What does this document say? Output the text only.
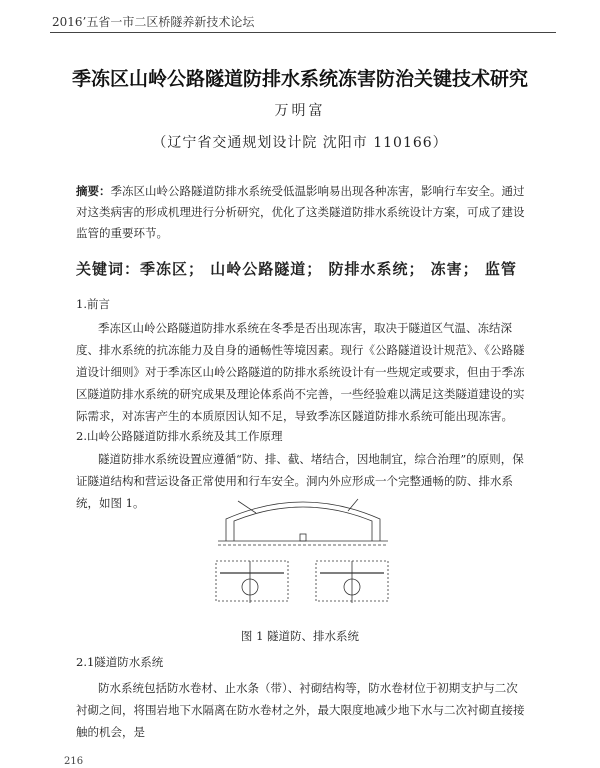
2016’五省一市二区桥隧养新技术论坛
季冻区山岭公路隧道防排水系统冻害防治关键技术研究
万明富
（辽宁省交通规划设计院 沈阳市 110166）
摘要：季冻区山岭公路隧道防排水系统受低温影响易出现各种冻害，影响行车安全。通过对这类病害的形成机理进行分析研究，优化了这类隧道防排水系统设计方案，可成了建设监管的重要环节。
关键词：季冻区； 山岭公路隧道； 防排水系统； 冻害； 监管
1.前言
季冻区山岭公路隧道防排水系统在冬季是否出现冻害，取决于隧道区气温、冻结深度、排水系统的抗冻能力及自身的通畅性等境因素。现行《公路隧道设计规范》、《公路隧道设计细则》对于季冻区山岭公路隧道的防排水系统设计有一些规定或要求，但由于季冻区隧道防排水系统的研究成果及理论体系尚不完善，一些经验难以满足这类隧道建设的实际需求，对冻害产生的本质原因认知不足，导致季冻区隧道防排水系统可能出现冻害。
2.山岭公路隧道防排水系统及其工作原理
隧道防排水系统设置应遵循“防、排、截、堵结合，因地制宜，综合治理”的原则，保证隧道结构和营运设备正常使用和行车安全。洞内外应形成一个完整通畅的防、排水系统，如图 1。
图 1 隧道防、排水系统
2.1隧道防水系统
防水系统包括防水卷材、止水条（带）、衬砌结构等，防水卷材位于初期支护与二次衬砌之间，将围岩地下水隔离在防水卷材之外，最大限度地减少地下水与二次衬砌直接接触的机会，是
216
